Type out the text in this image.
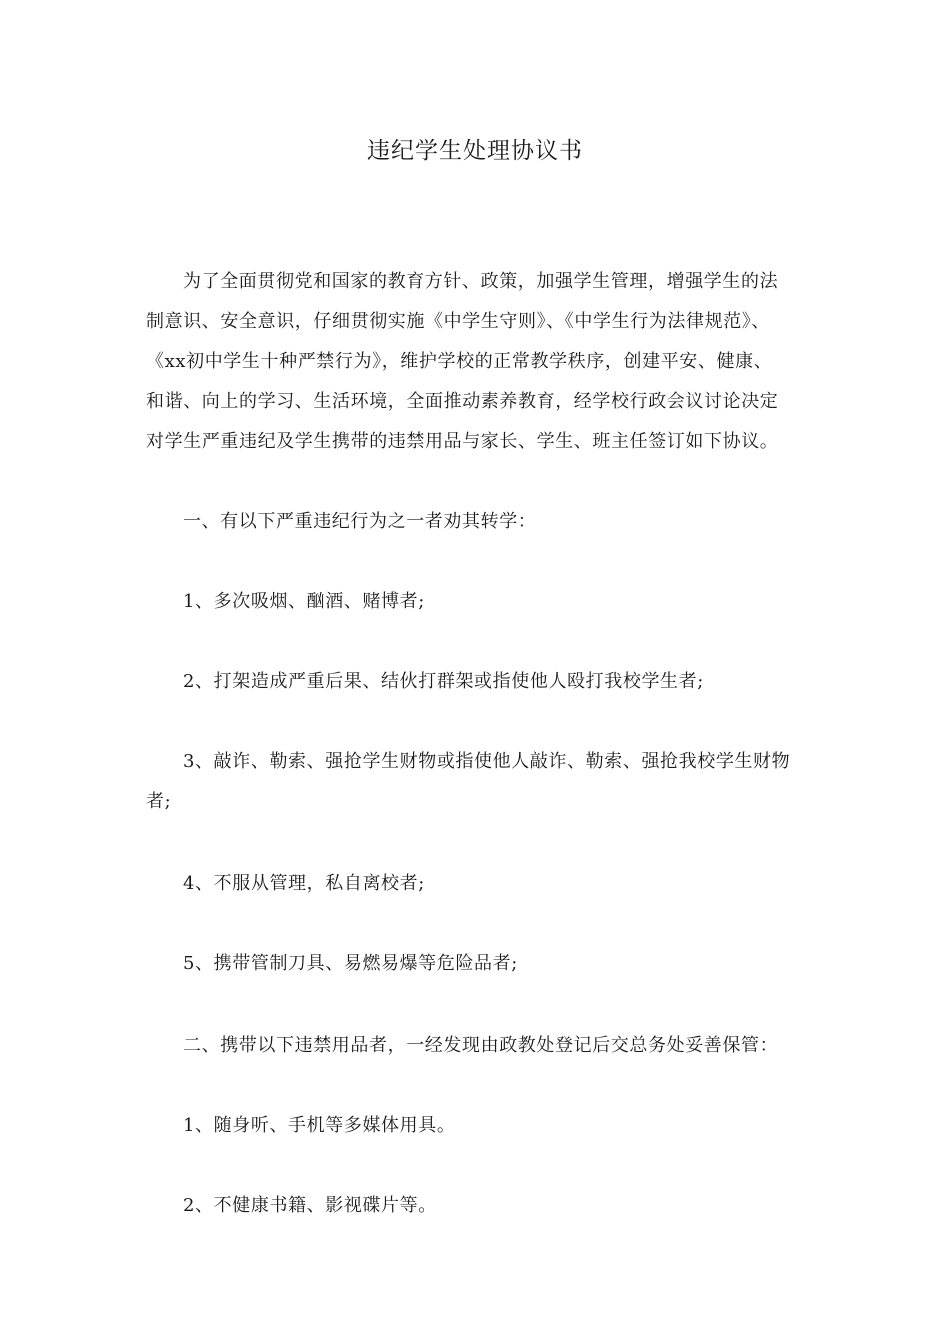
违纪学生处理协议书
为了全面贯彻党和国家的教育方针、政策，加强学生管理，增强学生的法
制意识、安全意识，仔细贯彻实施《中学生守则》、《中学生行为法律规范》、
《xx初中学生十种严禁行为》，维护学校的正常教学秩序，创建平安、健康、
和谐、向上的学习、生活环境，全面推动素养教育，经学校行政会议讨论决定
对学生严重违纪及学生携带的违禁用品与家长、学生、班主任签订如下协议。
一、有以下严重违纪行为之一者劝其转学：
1、多次吸烟、酗酒、赌博者;
2、打架造成严重后果、结伙打群架或指使他人殴打我校学生者;
3、敲诈、勒索、强抢学生财物或指使他人敲诈、勒索、强抢我校学生财物
者;
4、不服从管理，私自离校者;
5、携带管制刀具、易燃易爆等危险品者;
二、携带以下违禁用品者，一经发现由政教处登记后交总务处妥善保管：
1、随身听、手机等多媒体用具。
2、不健康书籍、影视碟片等。
